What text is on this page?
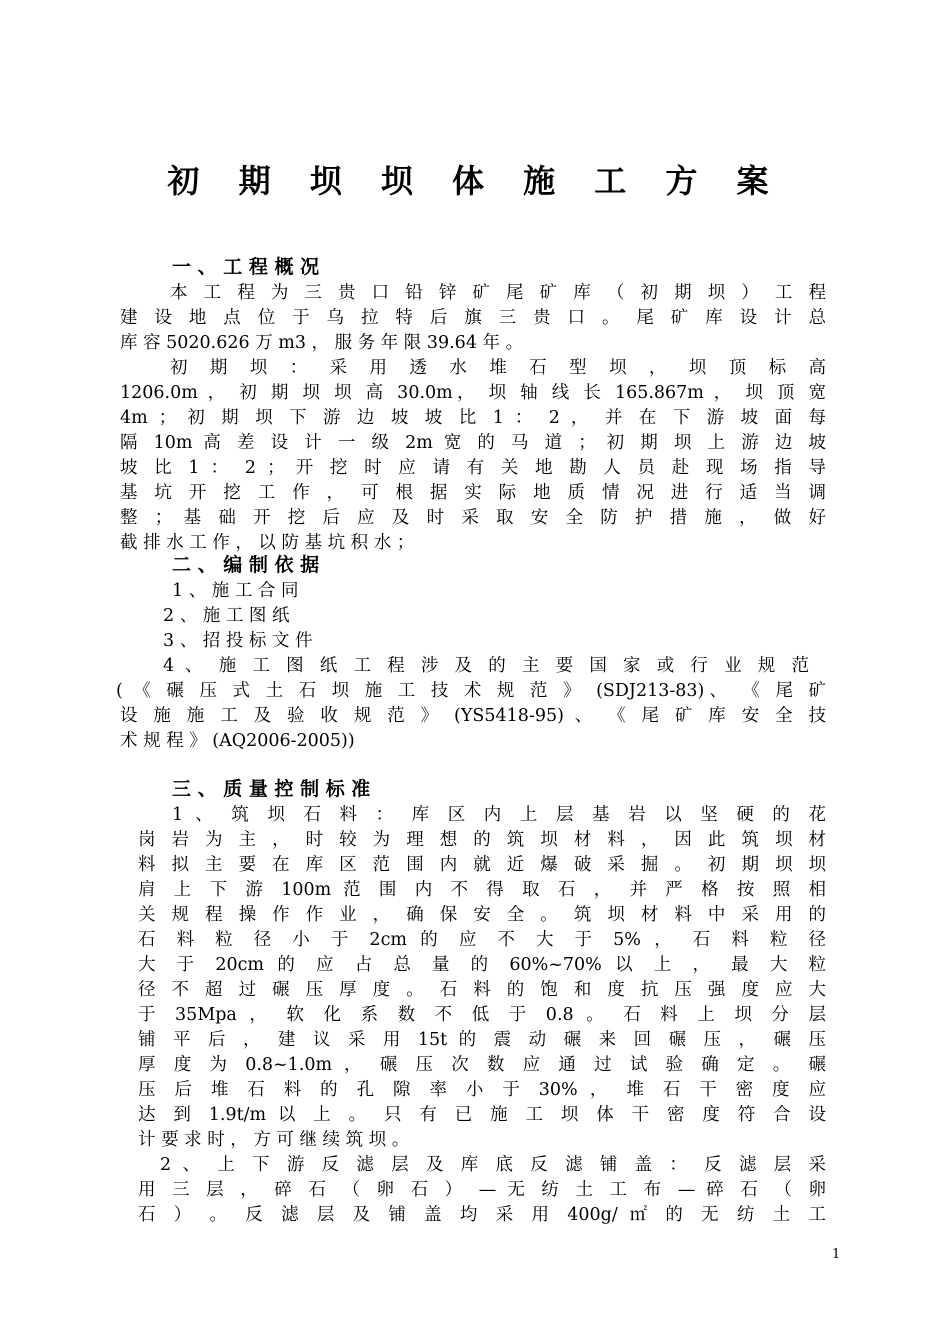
初 期 坝 坝 体 施 工 方 案
一 、 工 程 概 况
本 工 程 为 三 贵 口 铅 锌 矿 尾 矿 库 （ 初 期 坝 ） 工 程
建 设 地 点 位 于 乌 拉 特 后 旗 三 贵 口 。 尾 矿 库 设 计 总
库 容 5020.626 万 m3 ， 服 务 年 限 39.64 年 。
初 期 坝 ： 采 用 透 水 堆 石 型 坝 ， 坝 顶 标 高
1206.0m ， 初 期 坝 坝 高 30.0m， 坝 轴 线 长 165.867m ， 坝 顶 宽
4m ； 初 期 坝 下 游 边 坡 坡 比 1 ： 2 ， 并 在 下 游 坡 面 每
隔 10m 高 差 设 计 一 级 2m 宽 的 马 道 ； 初 期 坝 上 游 边 坡
坡 比 1 ： 2 ； 开 挖 时 应 请 有 关 地 勘 人 员 赴 现 场 指 导
基 坑 开 挖 工 作 ， 可 根 据 实 际 地 质 情 况 进 行 适 当 调
整 ； 基 础 开 挖 后 应 及 时 采 取 安 全 防 护 措 施 ， 做 好
截 排 水 工 作 ， 以 防 基 坑 积 水 ；
二 、 编 制 依 据
1 、 施 工 合 同
2 、 施 工 图 纸
3 、 招 投 标 文 件
4 、 施 工 图 纸 工 程 涉 及 的 主 要 国 家 或 行 业 规 范
( 《 碾 压 式 土 石 坝 施 工 技 术 规 范 》 (SDJ213-83)、 《 尾 矿
设 施 施 工 及 验 收 规 范 》 (YS5418-95) 、 《 尾 矿 库 安 全 技
术 规 程 》 (AQ2006-2005))
三 、 质 量 控 制 标 准
1 、 筑 坝 石 料 ： 库 区 内 上 层 基 岩 以 坚 硬 的 花
岗 岩 为 主 ， 时 较 为 理 想 的 筑 坝 材 料 ， 因 此 筑 坝 材
料 拟 主 要 在 库 区 范 围 内 就 近 爆 破 采 掘 。 初 期 坝 坝
肩 上 下 游 100m 范 围 内 不 得 取 石 ， 并 严 格 按 照 相
关 规 程 操 作 作 业 ， 确 保 安 全 。 筑 坝 材 料 中 采 用 的
石 料 粒 径 小 于 2cm 的 应 不 大 于 5% ， 石 料 粒 径
大 于 20cm 的 应 占 总 量 的 60%~70% 以 上 ， 最 大 粒
径 不 超 过 碾 压 厚 度 。 石 料 的 饱 和 度 抗 压 强 度 应 大
于 35Mpa ， 软 化 系 数 不 低 于 0.8 。 石 料 上 坝 分 层
铺 平 后 ， 建 议 采 用 15t 的 震 动 碾 来 回 碾 压 ， 碾 压
厚 度 为 0.8~1.0m ， 碾 压 次 数 应 通 过 试 验 确 定 。 碾
压 后 堆 石 料 的 孔 隙 率 小 于 30% ， 堆 石 干 密 度 应
达 到 1.9t/m 以 上 。 只 有 已 施 工 坝 体 干 密 度 符 合 设
计 要 求 时 ， 方 可 继 续 筑 坝 。
2 、 上 下 游 反 滤 层 及 库 底 反 滤 铺 盖 ： 反 滤 层 采
用 三 层 ， 碎 石 （ 卵 石 ） — 无 纺 土 工 布 — 碎 石 （ 卵
石 ） 。 反 滤 层 及 铺 盖 均 采 用 400g/ ㎡ 的 无 纺 土 工
1
